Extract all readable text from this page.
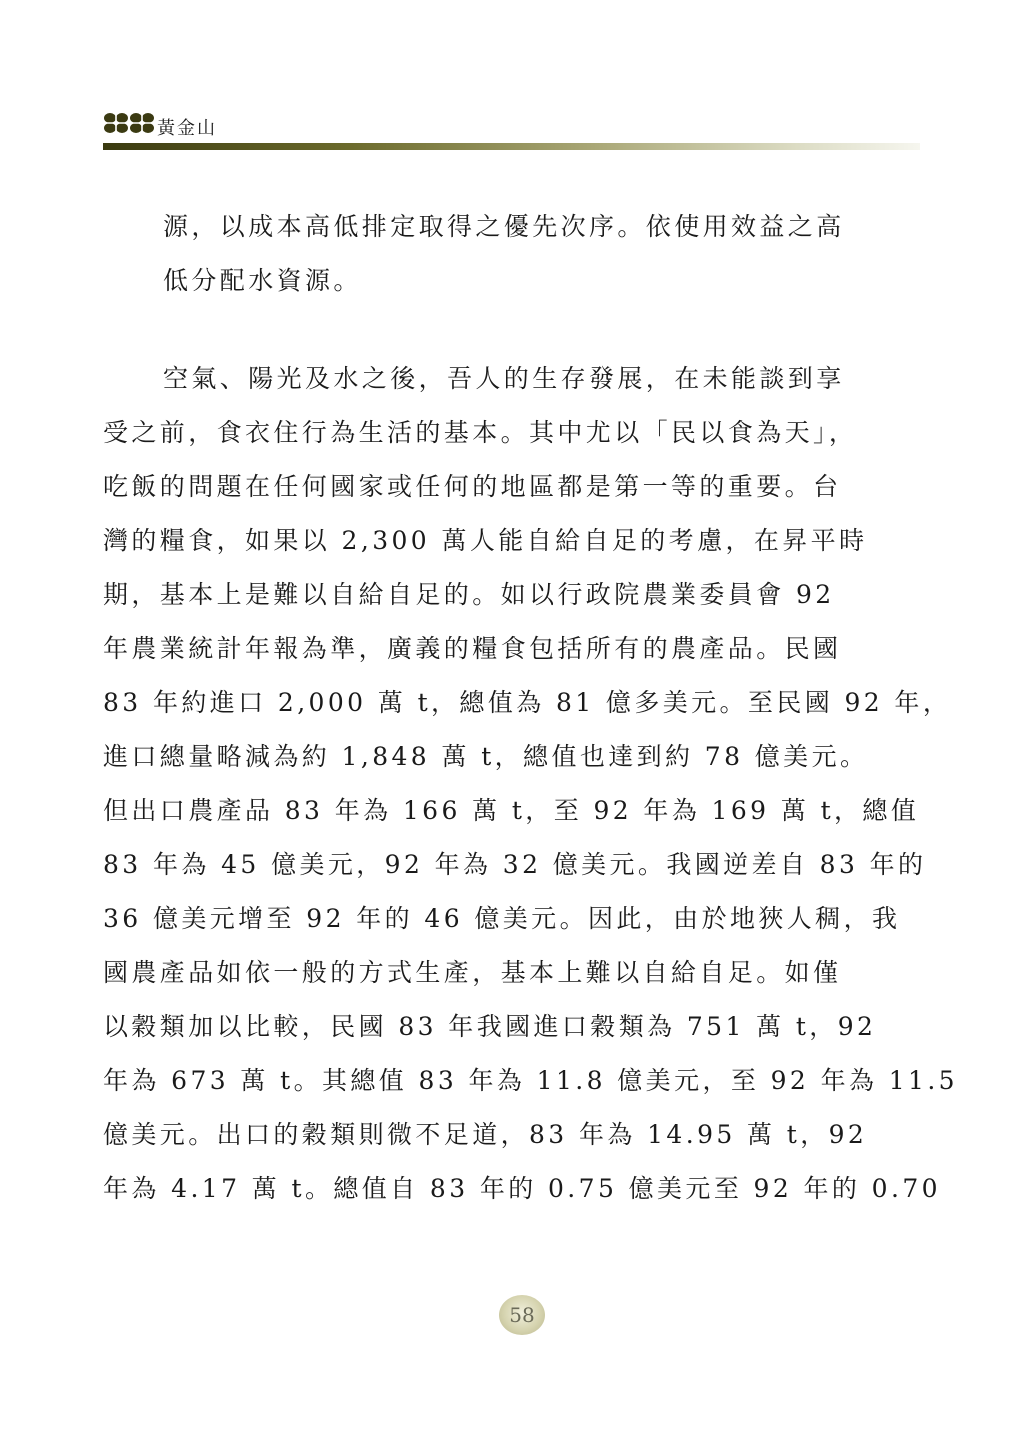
黃金山
源，以成本高低排定取得之優先次序。依使用效益之高
低分配水資源。
空氣、陽光及水之後，吾人的生存發展，在未能談到享
受之前，食衣住行為生活的基本。其中尤以「民以食為天」，
吃飯的問題在任何國家或任何的地區都是第一等的重要。台
灣的糧食，如果以 2,300 萬人能自給自足的考慮，在昇平時
期，基本上是難以自給自足的。如以行政院農業委員會 92
年農業統計年報為準，廣義的糧食包括所有的農產品。民國
83 年約進口 2,000 萬 t，總值為 81 億多美元。至民國 92 年，
進口總量略減為約 1,848 萬 t，總值也達到約 78 億美元。
但出口農產品 83 年為 166 萬 t，至 92 年為 169 萬 t，總值
83 年為 45 億美元，92 年為 32 億美元。我國逆差自 83 年的
36 億美元增至 92 年的 46 億美元。因此，由於地狹人稠，我
國農產品如依一般的方式生產，基本上難以自給自足。如僅
以穀類加以比較，民國 83 年我國進口穀類為 751 萬 t，92
年為 673 萬 t。其總值 83 年為 11.8 億美元，至 92 年為 11.5
億美元。出口的穀類則微不足道，83 年為 14.95 萬 t，92
年為 4.17 萬 t。總值自 83 年的 0.75 億美元至 92 年的 0.70
58
